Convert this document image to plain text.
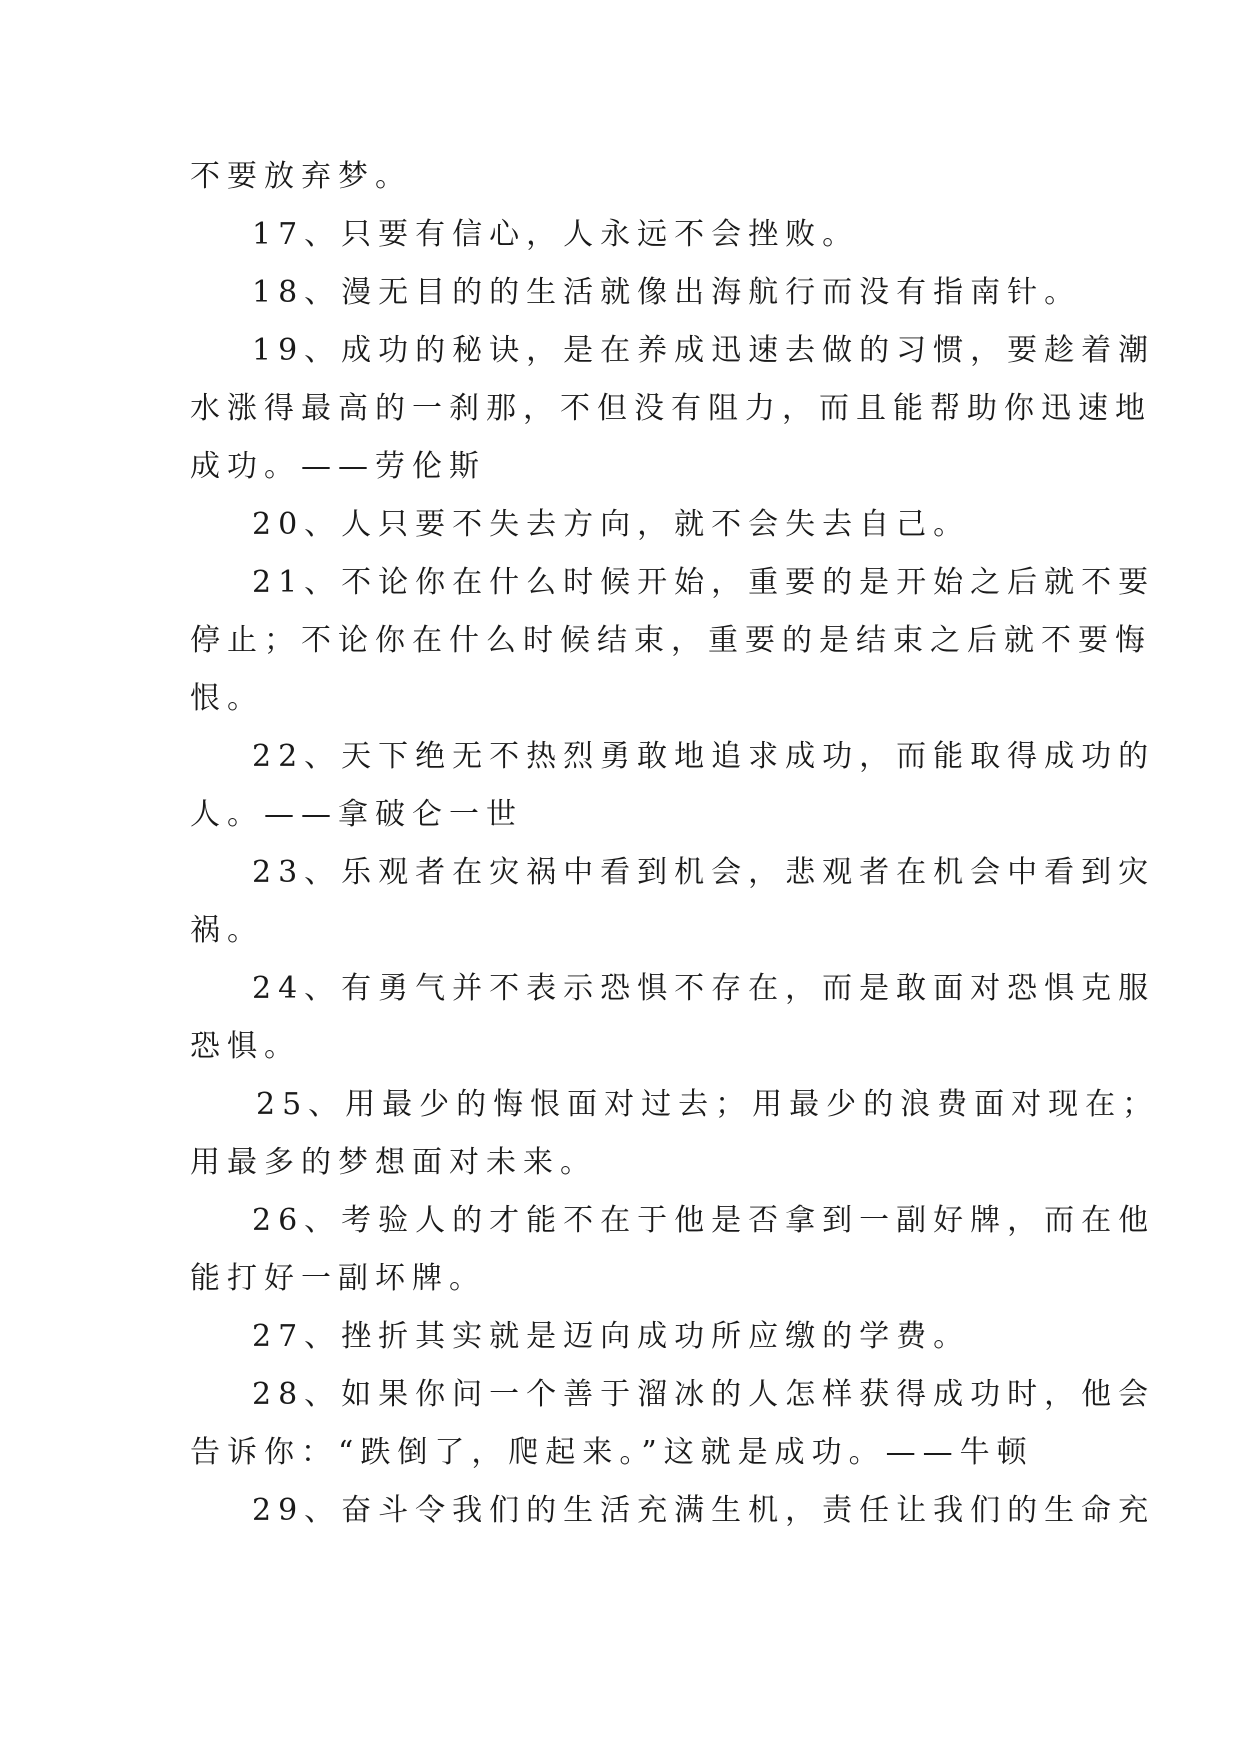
不要放弃梦。
17、只要有信心，人永远不会挫败。
18、漫无目的的生活就像出海航行而没有指南针。
19、成功的秘诀，是在养成迅速去做的习惯，要趁着潮
水涨得最高的一刹那，不但没有阻力，而且能帮助你迅速地
成功。——劳伦斯
20、人只要不失去方向，就不会失去自己。
21、不论你在什么时候开始，重要的是开始之后就不要
停止；不论你在什么时候结束，重要的是结束之后就不要悔
恨。
22、天下绝无不热烈勇敢地追求成功，而能取得成功的
人。——拿破仑一世
23、乐观者在灾祸中看到机会，悲观者在机会中看到灾
祸。
24、有勇气并不表示恐惧不存在，而是敢面对恐惧克服
恐惧。
25、用最少的悔恨面对过去；用最少的浪费面对现在；
用最多的梦想面对未来。
26、考验人的才能不在于他是否拿到一副好牌，而在他
能打好一副坏牌。
27、挫折其实就是迈向成功所应缴的学费。
28、如果你问一个善于溜冰的人怎样获得成功时，他会
告诉你：“跌倒了，爬起来。”这就是成功。——牛顿
29、奋斗令我们的生活充满生机，责任让我们的生命充
